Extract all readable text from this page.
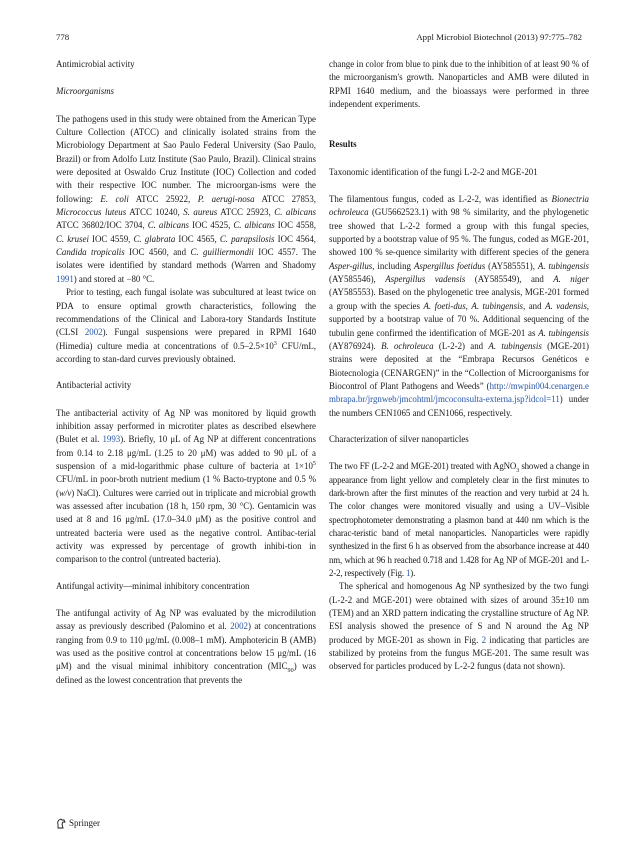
778	Appl Microbiol Biotechnol (2013) 97:775–782

Antimicrobial activity

Microorganisms

The pathogens used in this study were obtained from the American Type Culture Collection (ATCC) and clinically isolated strains from the Microbiology Department at Sao Paulo Federal University (Sao Paulo, Brazil) or from Adolfo Lutz Institute (Sao Paulo, Brazil). Clinical strains were deposited at Oswaldo Cruz Institute (IOC) Collection and coded with their respective IOC number. The microorgan-isms were the following: E. coli ATCC 25922, P. aerugi-nosa ATCC 27853, Micrococcus luteus ATCC 10240, S. aureus ATCC 25923, C. albicans ATCC 36802/IOC 3704, C. albicans IOC 4525, C. albicans IOC 4558, C. krusei IOC 4559, C. glabrata IOC 4565, C. parapsilosis IOC 4564, Candida tropicalis IOC 4560, and C. guilliermondii IOC 4557. The isolates were identified by standard methods (Warren and Shadomy 1991) and stored at −80 °C.

Prior to testing, each fungal isolate was subcultured at least twice on PDA to ensure optimal growth characteristics, following the recommendations of the Clinical and Labora-tory Standards Institute (CLSI 2002). Fungal suspensions were prepared in RPMI 1640 (Himedia) culture media at concentrations of $0.5-2.5\times 10^3$ CFU/mL, according to stan-dard curves previously obtained.

Antibacterial activity

The antibacterial activity of Ag NP was monitored by liquid growth inhibition assay performed in microtiter plates as described elsewhere (Bulet et al. 1993). Briefly, 10 μL of Ag NP at different concentrations from 0.14 to 2.18 μg/mL (1.25 to 20 μM) was added to 90 μL of a suspension of a mid-logarithmic phase culture of bacteria at $1\times 10^5$ CFU/mL in poor-broth nutrient medium (1 % Bacto-tryptone and 0.5 % (w/v) NaCl). Cultures were carried out in triplicate and microbial growth was assessed after incubation (18 h, 150 rpm, 30 °C). Gentamicin was used at 8 and 16 μg/mL (17.0–34.0 μM) as the positive control and untreated bacteria were used as the negative control. Antibac-terial activity was expressed by percentage of growth inhibi-tion in comparison to the control (untreated bacteria).

Antifungal activity—minimal inhibitory concentration

The antifungal activity of Ag NP was evaluated by the microdilution assay as previously described (Palomino et al. 2002) at concentrations ranging from 0.9 to 110 μg/mL (0.008–1 mM). Amphotericin B (AMB) was used as the positive control at concentrations below 15 μg/mL (16 μM) and the visual minimal inhibitory concentration $(MIC_{90})$ was defined as the lowest concentration that prevents the

change in color from blue to pink due to the inhibition of at least 90 % of the microorganism's growth. Nanoparticles and AMB were diluted in RPMI 1640 medium, and the bioassays were performed in three independent experiments.

Results

Taxonomic identification of the fungi L-2-2 and MGE-201

The filamentous fungus, coded as L-2-2, was identified as Bionectria ochroleuca (GU5662523.1) with 98 % similarity, and the phylogenetic tree showed that L-2-2 formed a group with this fungal species, supported by a bootstrap value of 95 %. The fungus, coded as MGE-201, showed 100 % se-quence similarity with different species of the genera Asper-gillus, including Aspergillus foetidus (AY585551), A. tubingensis (AY585546), Aspergillus vadensis (AY585549), and A. niger (AY585553). Based on the phylogenetic tree analysis, MGE-201 formed a group with the species A. foeti-dus, A. tubingensis, and A. vadensis, supported by a bootstrap value of 70 %. Additional sequencing of the tubulin gene confirmed the identification of MGE-201 as A. tubingensis (AY876924). B. ochroleuca (L-2-2) and A. tubingensis (MGE-201) strains were deposited at the “Embrapa Recursos Genéticos e Biotecnologia (CENARGEN)” in the “Collection of Microorganisms for Biocontrol of Plant Pathogens and Weeds” (http://mwpin004.cenargen.embrapa.br/jrgnweb/jmcohtml/jmcoconsulta-externa.jsp?idcol=11) under the numbers CEN1065 and CEN1066, respectively.

Characterization of silver nanoparticles

The two FF (L-2-2 and MGE-201) treated with AgNO$_3$ showed a change in appearance from light yellow and completely clear in the first minutes to dark-brown after the first minutes of the reaction and very turbid at 24 h. The color changes were monitored visually and using a UV–Visible spectrophotometer demonstrating a plasmon band at 440 nm which is the charac-teristic band of metal nanoparticles. Nanoparticles were rapidly synthesized in the first 6 h as observed from the absorbance increase at 440 nm, which at 96 h reached 0.718 and 1.428 for Ag NP of MGE-201 and L-2-2, respectively (Fig. 1).

The spherical and homogenous Ag NP synthesized by the two fungi (L-2-2 and MGE-201) were obtained with sizes of around 35±10 nm (TEM) and an XRD pattern indicating the crystalline structure of Ag NP. ESI analysis showed the presence of S and N around the Ag NP produced by MGE-201 as shown in Fig. 2 indicating that particles are stabilized by proteins from the fungus MGE-201. The same result was observed for particles produced by L-2-2 fungus (data not shown).

Springer
